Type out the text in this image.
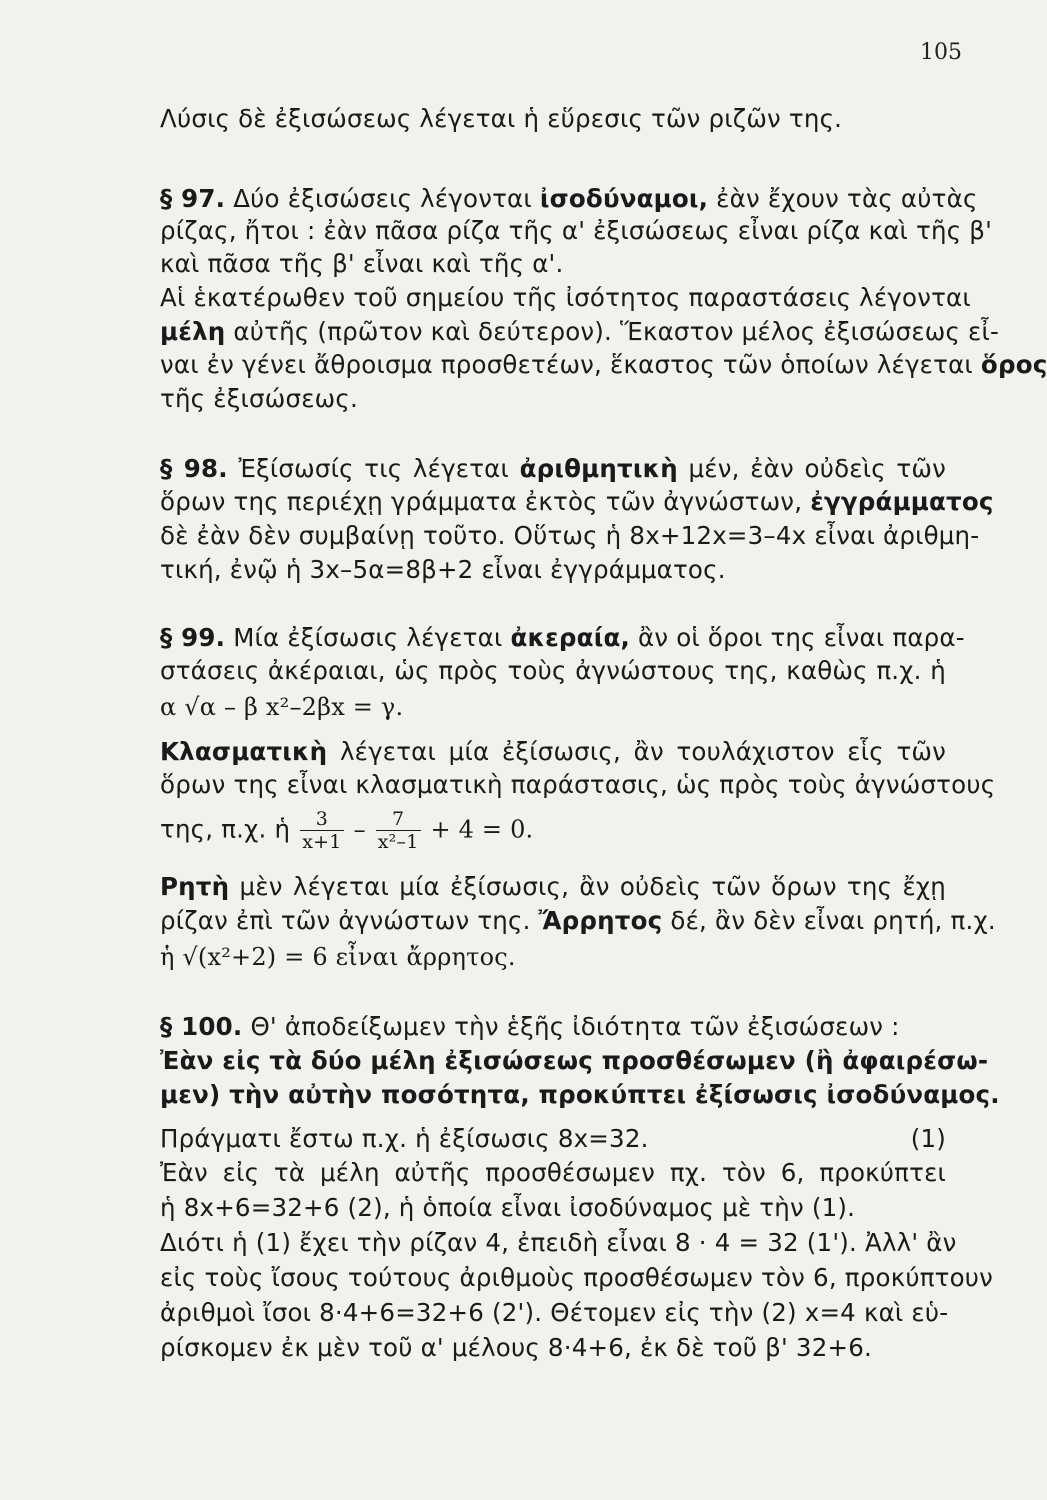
105
Λύσις δὲ ἐξισώσεως λέγεται ἡ εὕρεσις τῶν ριζῶν της.
§ 97. Δύο ἐξισώσεις λέγονται ἰσοδύναμοι, ἐὰν ἔχουν τὰς αὐτὰς
ρίζας, ἤτοι : ἐὰν πᾶσα ρίζα τῆς α' ἐξισώσεως εἶναι ρίζα καὶ τῆς β'
καὶ πᾶσα τῆς β' εἶναι καὶ τῆς α'.
Αἱ ἑκατέρωθεν τοῦ σημείου τῆς ἰσότητος παραστάσεις λέγονται
μέλη αὐτῆς (πρῶτον καὶ δεύτερον). Ἕκαστον μέλος ἐξισώσεως εἶ-
ναι ἐν γένει ἄθροισμα προσθετέων, ἕκαστος τῶν ὁποίων λέγεται ὅρος
τῆς ἐξισώσεως.
§ 98. Ἐξίσωσίς τις λέγεται ἀριθμητικὴ μέν, ἐὰν οὐδεὶς τῶν
ὅρων της περιέχῃ γράμματα ἐκτὸς τῶν ἀγνώστων, ἐγγράμματος
δὲ ἐὰν δὲν συμβαίνῃ τοῦτο. Οὕτως ἡ 8x+12x=3–4x εἶναι ἀριθμη-
τική, ἐνῷ ἡ 3x–5α=8β+2 εἶναι ἐγγράμματος.
§ 99. Μία ἐξίσωσις λέγεται ἀκεραία, ἂν οἱ ὅροι της εἶναι παρα-
στάσεις ἀκέραιαι, ὡς πρὸς τοὺς ἀγνώστους της, καθὼς π.χ. ἡ
α √α – β x²–2βx = γ.
Κλασματικὴ λέγεται μία ἐξίσωσις, ἂν τουλάχιστον εἷς τῶν
ὅρων της εἶναι κλασματικὴ παράστασις, ὡς πρὸς τοὺς ἀγνώστους
της, π.χ. ἡ $\frac{3}{x+1} - \frac{7}{\text{x²–1}} + 4 = 0$.
Ρητὴ μὲν λέγεται μία ἐξίσωσις, ἂν οὐδεὶς τῶν ὅρων της ἔχῃ
ρίζαν ἐπὶ τῶν ἀγνώστων της. Ἄρρητος δέ, ἂν δὲν εἶναι ρητή, π.χ.
ἡ √(x²+2) = 6 εἶναι ἄρρητος.
§ 100. Θ' ἀποδείξωμεν τὴν ἑξῆς ἰδιότητα τῶν ἐξισώσεων :
Ἐὰν εἰς τὰ δύο μέλη ἐξισώσεως προσθέσωμεν (ἢ ἀφαιρέσω-
μεν) τὴν αὐτὴν ποσότητα, προκύπτει ἐξίσωσις ἰσοδύναμος.
Πράγματι ἔστω π.χ. ἡ ἐξίσωσις 8x=32.	(1)
Ἐὰν εἰς τὰ μέλη αὐτῆς προσθέσωμεν πχ. τὸν 6, προκύπτει
ἡ 8x+6=32+6 (2), ἡ ὁποία εἶναι ἰσοδύναμος μὲ τὴν (1).
Διότι ἡ (1) ἔχει τὴν ρίζαν 4, ἐπειδὴ εἶναι 8 · 4 = 32 (1'). Ἀλλ' ἂν
εἰς τοὺς ἴσους τούτους ἀριθμοὺς προσθέσωμεν τὸν 6, προκύπτουν
ἀριθμοὶ ἴσοι 8·4+6=32+6 (2'). Θέτομεν εἰς τὴν (2) x=4 καὶ εὑ-
ρίσκομεν ἐκ μὲν τοῦ α' μέλους 8·4+6, ἐκ δὲ τοῦ β' 32+6.
